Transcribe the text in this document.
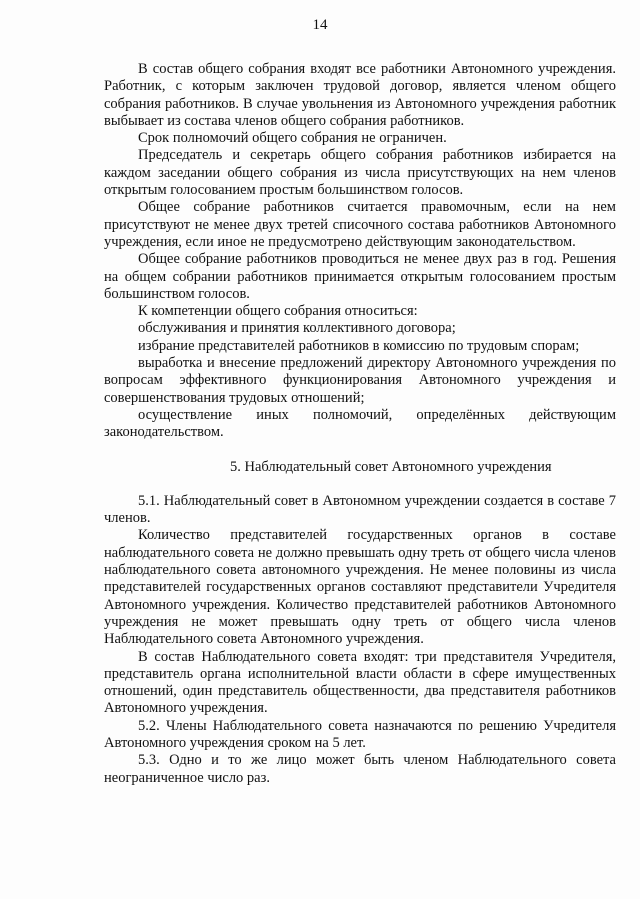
14

В состав общего собрания входят все работники Автономного учреждения. Работник, с которым заключен трудовой договор, является членом общего собрания работников. В случае увольнения из Автономного учреждения работник выбывает из состава членов общего собрания работников.

Срок полномочий общего собрания не ограничен.

Председатель и секретарь общего собрания работников избирается на каждом заседании общего собрания из числа присутствующих на нем членов открытым голосованием простым большинством голосов.

Общее собрание работников считается правомочным, если на нем присутствуют не менее двух третей списочного состава работников Автономного учреждения, если иное не предусмотрено действующим законодательством.

Общее собрание работников проводиться не менее двух раз в год. Решения на общем собрании работников принимается открытым голосованием простым большинством голосов.

К компетенции общего собрания относиться:

обслуживания и принятия коллективного договора;

избрание представителей работников в комиссию по трудовым спорам;

выработка и внесение предложений директору Автономного учреждения по вопросам эффективного функционирования Автономного учреждения и совершенствования трудовых отношений;

осуществление иных полномочий, определённых действующим законодательством.

5. Наблюдательный совет Автономного учреждения

5.1. Наблюдательный совет в Автономном учреждении создается в составе 7 членов.

Количество представителей государственных органов в составе наблюдательного совета не должно превышать одну треть от общего числа членов наблюдательного совета автономного учреждения. Не менее половины из числа представителей государственных органов составляют представители Учредителя Автономного учреждения. Количество представителей работников Автономного учреждения не может превышать одну треть от общего числа членов Наблюдательного совета Автономного учреждения.

В состав Наблюдательного совета входят: три представителя Учредителя, представитель органа исполнительной власти области в сфере имущественных отношений, один представитель общественности, два представителя работников Автономного учреждения.

5.2. Члены Наблюдательного совета назначаются по решению Учредителя Автономного учреждения сроком на 5 лет.

5.3. Одно и то же лицо может быть членом Наблюдательного совета неограниченное число раз.
